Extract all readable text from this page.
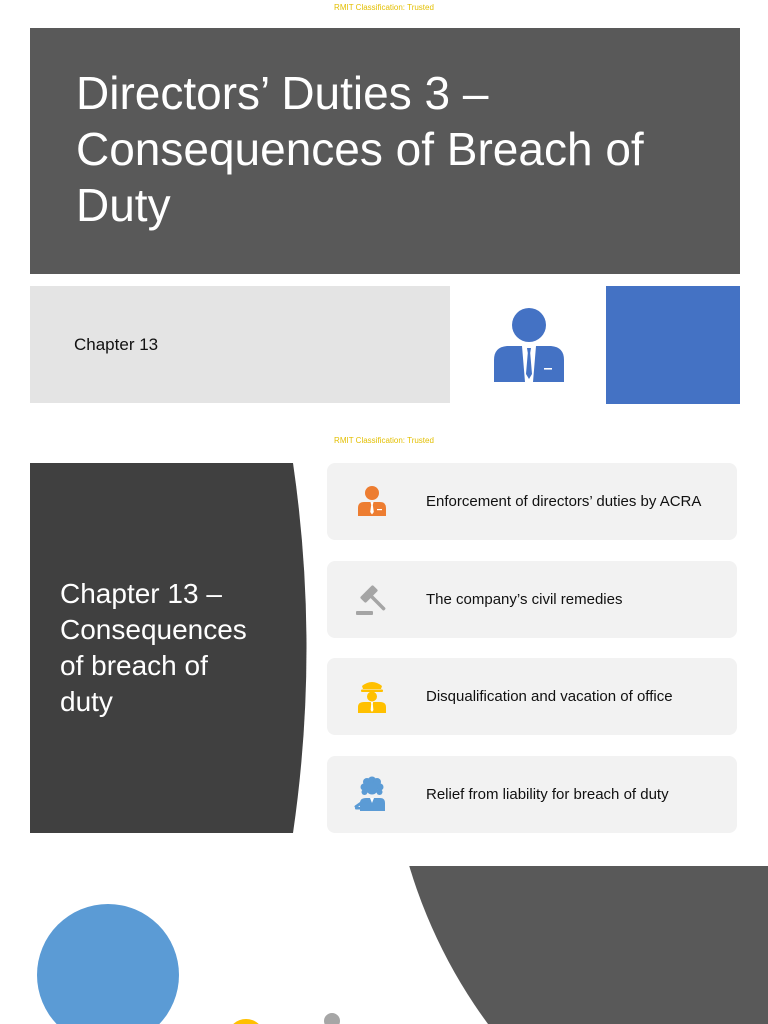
RMIT Classification: Trusted
Directors’ Duties 3 – Consequences of Breach of Duty
Chapter 13
RMIT Classification: Trusted
Chapter 13 – Consequences of breach of duty
Enforcement of directors’ duties by ACRA
The company’s civil remedies
Disqualification and vacation of office
Relief from liability for breach of duty
